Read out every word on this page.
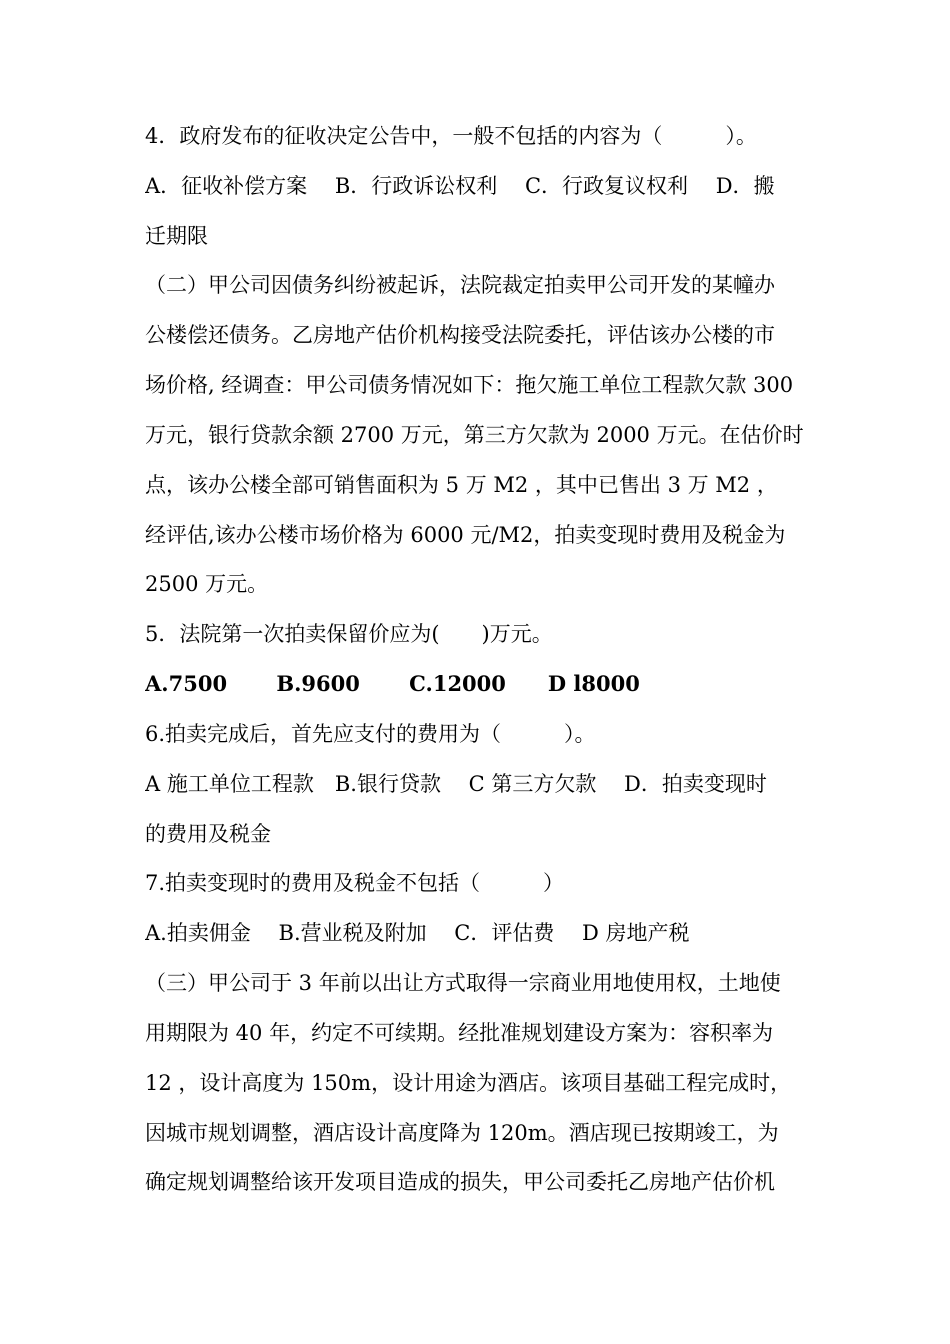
4．政府发布的征收决定公告中，一般不包括的内容为（　　　）。
A．征收补偿方案　 B．行政诉讼权利　 C．行政复议权利　 D．搬
迁期限
（二）甲公司因债务纠纷被起诉，法院裁定拍卖甲公司开发的某幢办
公楼偿还债务。乙房地产估价机构接受法院委托，评估该办公楼的市
场价格, 经调查：甲公司债务情况如下：拖欠施工单位工程款欠款 300
万元，银行贷款余额 2700 万元，第三方欠款为 2000 万元。在估价时
点，该办公楼全部可销售面积为 5 万 M2 ，其中已售出 3 万 M2 ，
经评估,该办公楼市场价格为 6000 元/M2，拍卖变现时费用及税金为
2500 万元。
5．法院第一次拍卖保留价应为(　　)万元。
A.7500　　 B.9600　　 C.12000　　D l8000
6.拍卖完成后，首先应支付的费用为（　　　）。
A 施工单位工程款　B.银行贷款　 C 第三方欠款　 D．拍卖变现时
的费用及税金
7.拍卖变现时的费用及税金不包括（　　　）
A.拍卖佣金　 B.营业税及附加　 C．评估费　 D 房地产税
（三）甲公司于 3 年前以出让方式取得一宗商业用地使用权，土地使
用期限为 40 年，约定不可续期。经批准规划建设方案为：容积率为
12 ，设计高度为 150m，设计用途为酒店。该项目基础工程完成时，
因城市规划调整，酒店设计高度降为 120m。酒店现已按期竣工，为
确定规划调整给该开发项目造成的损失，甲公司委托乙房地产估价机
